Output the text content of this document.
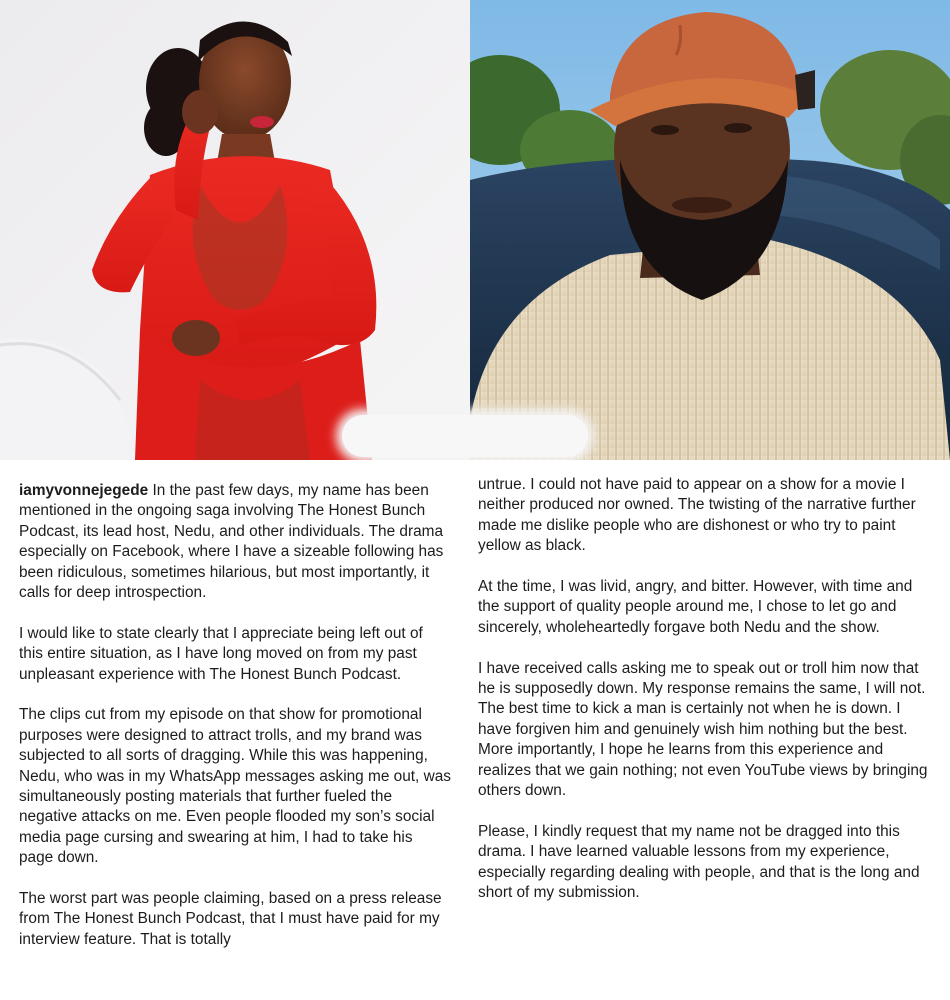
iamyvonnejegede In the past few days, my name has been mentioned in the ongoing saga involving The Honest Bunch Podcast, its lead host, Nedu, and other individuals. The drama especially on Facebook, where I have a sizeable following has been ridiculous, sometimes hilarious, but most importantly, it calls for deep introspection.

I would like to state clearly that I appreciate being left out of this entire situation, as I have long moved on from my past unpleasant experience with The Honest Bunch Podcast.

The clips cut from my episode on that show for promotional purposes were designed to attract trolls, and my brand was subjected to all sorts of dragging. While this was happening, Nedu, who was in my WhatsApp messages asking me out, was simultaneously posting materials that further fueled the negative attacks on me. Even people flooded my son’s social media page cursing and swearing at him, I had to take his page down.

The worst part was people claiming, based on a press release from The Honest Bunch Podcast, that I must have paid for my interview feature. That is totally

untrue. I could not have paid to appear on a show for a movie I neither produced nor owned. The twisting of the narrative further made me dislike people who are dishonest or who try to paint yellow as black.

At the time, I was livid, angry, and bitter. However, with time and the support of quality people around me, I chose to let go and sincerely, wholeheartedly forgave both Nedu and the show.

I have received calls asking me to speak out or troll him now that he is supposedly down. My response remains the same, I will not. The best time to kick a man is certainly not when he is down. I have forgiven him and genuinely wish him nothing but the best. More importantly, I hope he learns from this experience and realizes that we gain nothing; not even YouTube views by bringing others down.

Please, I kindly request that my name not be dragged into this drama. I have learned valuable lessons from my experience, especially regarding dealing with people, and that is the long and short of my submission.
